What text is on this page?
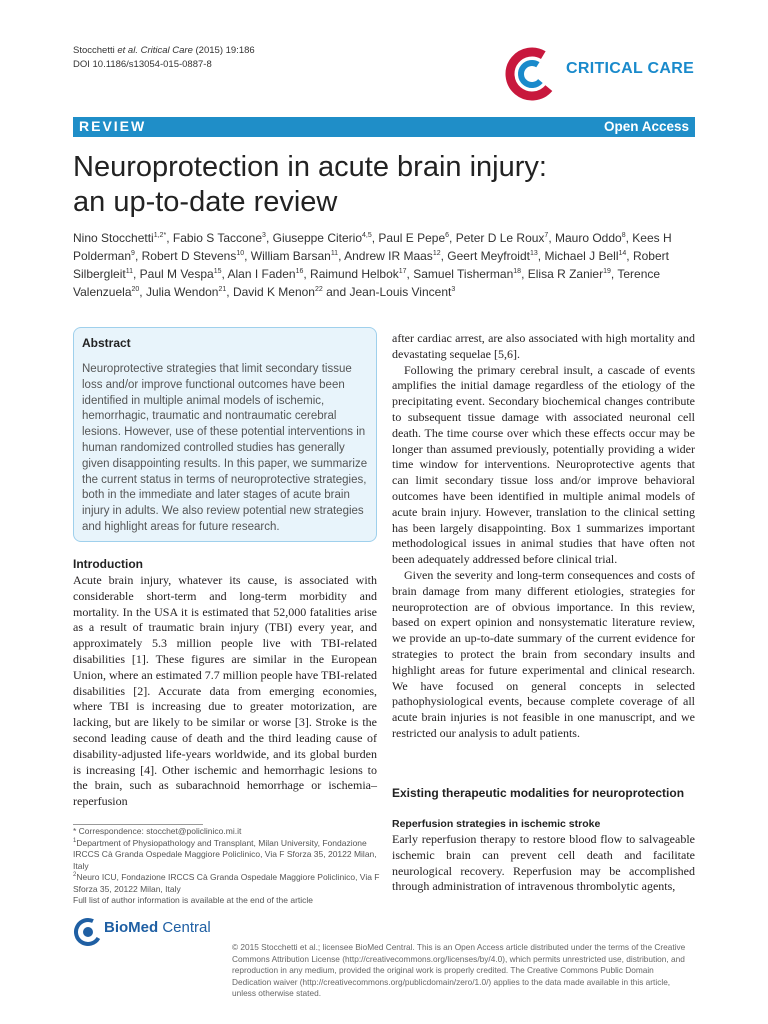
Stocchetti et al. Critical Care (2015) 19:186
DOI 10.1186/s13054-015-0887-8	CRITICAL CARE
REVIEW	Open Access
Neuroprotection in acute brain injury:
an up-to-date review
Nino Stocchetti$^{1,2*}$, Fabio S Taccone$^3$, Giuseppe Citerio$^{4,5}$, Paul E Pepe$^6$, Peter D Le Roux$^7$, Mauro Oddo$^8$, Kees H Polderman$^9$, Robert D Stevens$^{10}$, William Barsan$^{11}$, Andrew IR Maas$^{12}$, Geert Meyfroidt$^{13}$, Michael J Bell$^{14}$, Robert Silbergleit$^{11}$, Paul M Vespa$^{15}$, Alan I Faden$^{16}$, Raimund Helbok$^{17}$, Samuel Tisherman$^{18}$, Elisa R Zanier$^{19}$, Terence Valenzuela$^{20}$, Julia Wendon$^{21}$, David K Menon$^{22}$ and Jean-Louis Vincent$^3$
Abstract

Neuroprotective strategies that limit secondary tissue loss and/or improve functional outcomes have been identified in multiple animal models of ischemic, hemorrhagic, traumatic and nontraumatic cerebral lesions. However, use of these potential interventions in human randomized controlled studies has generally given disappointing results. In this paper, we summarize the current status in terms of neuroprotective strategies, both in the immediate and later stages of acute brain injury in adults. We also review potential new strategies and highlight areas for future research.

Introduction
Acute brain injury, whatever its cause, is associated with considerable short-term and long-term morbidity and mortality. In the USA it is estimated that 52,000 fatalities arise as a result of traumatic brain injury (TBI) every year, and approximately 5.3 million people live with TBI-related disabilities [1]. These figures are similar in the European Union, where an estimated 7.7 million people have TBI-related disabilities [2]. Accurate data from emerging economies, where TBI is increasing due to greater motorization, are lacking, but are likely to be similar or worse [3]. Stroke is the second leading cause of death and the third leading cause of disability-adjusted life-years worldwide, and its global burden is increasing [4]. Other ischemic and hemorrhagic lesions to the brain, such as subarachnoid hemorrhage or ischemia–reperfusion

after cardiac arrest, are also associated with high mortality and devastating sequelae [5,6].

Following the primary cerebral insult, a cascade of events amplifies the initial damage regardless of the etiology of the precipitating event. Secondary biochemical changes contribute to subsequent tissue damage with associated neuronal cell death. The time course over which these effects occur may be longer than assumed previously, potentially providing a wider time window for interventions. Neuroprotective agents that can limit secondary tissue loss and/or improve behavioral outcomes have been identified in multiple animal models of acute brain injury. However, translation to the clinical setting has been largely disappointing. Box 1 summarizes important methodological issues in animal studies that have often not been adequately addressed before clinical trial.

Given the severity and long-term consequences and costs of brain damage from many different etiologies, strategies for neuroprotection are of obvious importance. In this review, based on expert opinion and nonsystematic literature review, we provide an up-to-date summary of the current evidence for strategies to protect the brain from secondary insults and highlight areas for future experimental and clinical research. We have focused on general concepts in selected pathophysiological events, because complete coverage of all acute brain injuries is not feasible in one manuscript, and we restricted our analysis to adult patients.

Existing therapeutic modalities for neuroprotection
Reperfusion strategies in ischemic stroke
Early reperfusion therapy to restore blood flow to salvageable ischemic brain can prevent cell death and facilitate neurological recovery. Reperfusion may be accomplished through administration of intravenous thrombolytic agents,
* Correspondence: stocchet@policlinico.mi.it
$^1$Department of Physiopathology and Transplant, Milan University, Fondazione IRCCS Cà Granda Ospedale Maggiore Policlinico, Via F Sforza 35, 20122 Milan, Italy
$^2$Neuro ICU, Fondazione IRCCS Cà Granda Ospedale Maggiore Policlinico, Via F Sforza 35, 20122 Milan, Italy
Full list of author information is available at the end of the article
BioMed Central
© 2015 Stocchetti et al.; licensee BioMed Central. This is an Open Access article distributed under the terms of the Creative Commons Attribution License (http://creativecommons.org/licenses/by/4.0), which permits unrestricted use, distribution, and reproduction in any medium, provided the original work is properly credited. The Creative Commons Public Domain Dedication waiver (http://creativecommons.org/publicdomain/zero/1.0/) applies to the data made available in this article, unless otherwise stated.
